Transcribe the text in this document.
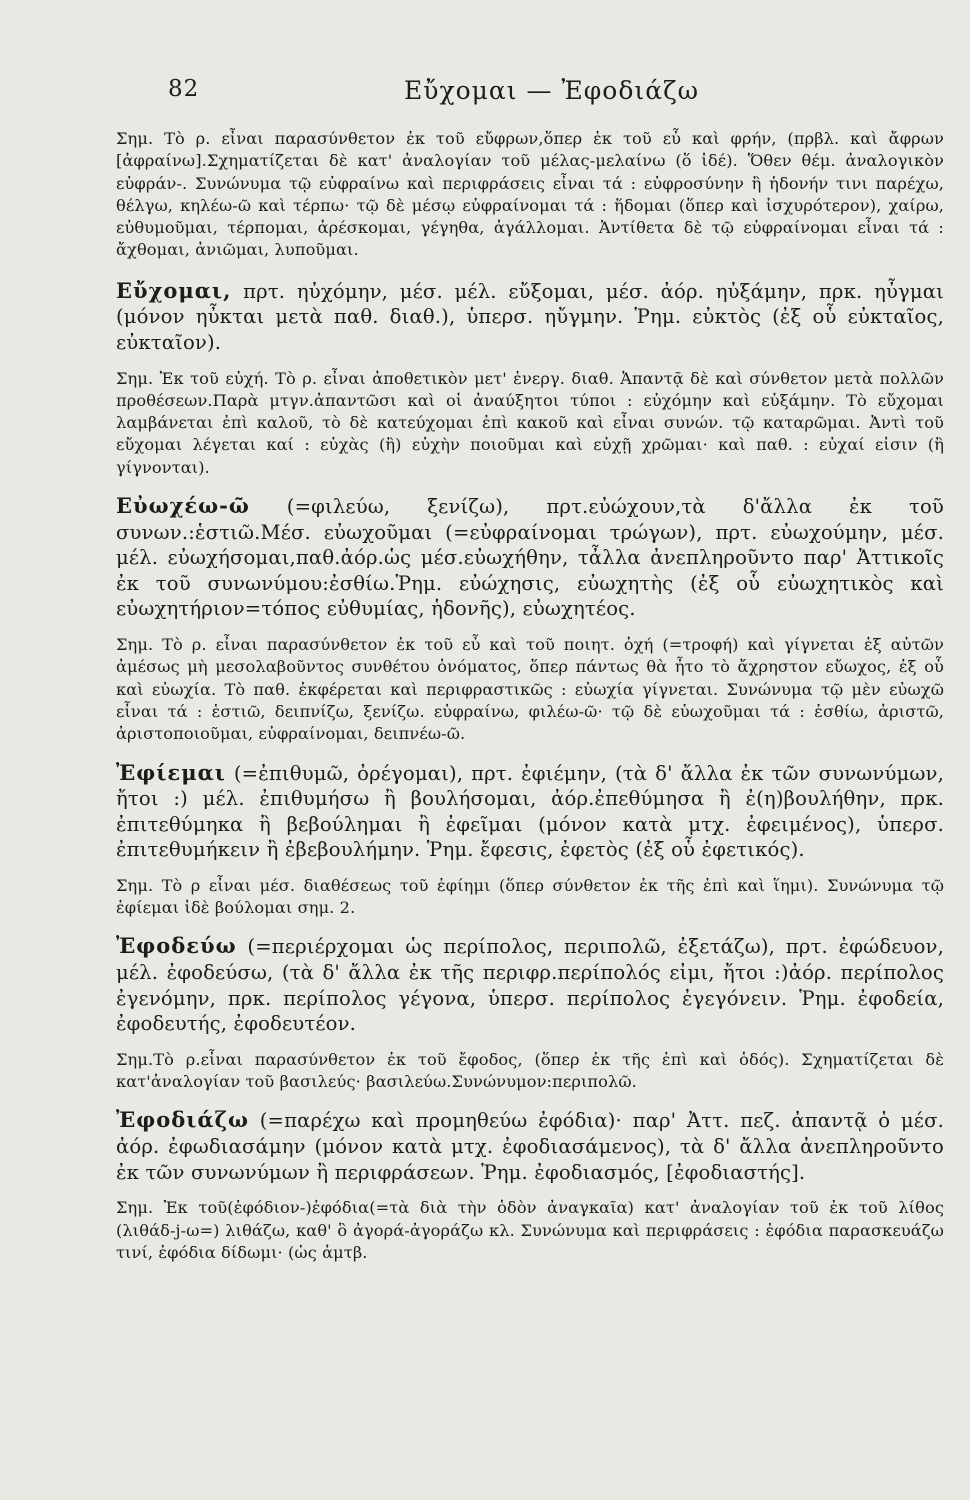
82	Εὔχομαι — Ἐφοδιάζω

Σημ. Τὸ ρ. εἶναι παρασύνθετον ἐκ τοῦ εὔφρων,ὅπερ ἐκ τοῦ εὖ καὶ φρήν, (πρβλ. καὶ ἄφρων [ἀφραίνω].Σχηματίζεται δὲ κατ' ἀναλογίαν τοῦ μέλας-μελαίνω (ὅ ἰδέ). Ὅθεν θέμ. ἀναλογικὸν εὐφράν-. Συνώνυμα τῷ εὐφραίνω καὶ περιφράσεις εἶναι τά : εὐφροσύνην ἢ ἡδονήν τινι παρέχω, θέλγω, κηλέω-ῶ καὶ τέρπω· τῷ δὲ μέσῳ εὐφραίνομαι τά : ἥδομαι (ὅπερ καὶ ἰσχυρότερον), χαίρω, εὐθυμοῦμαι, τέρπομαι, ἀρέσκομαι, γέγηθα, ἀγάλλομαι. Ἀντίθετα δὲ τῷ εὐφραίνομαι εἶναι τά : ἄχθομαι, ἀνιῶμαι, λυποῦμαι.

Εὔχομαι, πρτ. ηὐχόμην, μέσ. μέλ. εὔξομαι, μέσ. ἀόρ. ηὐξάμην, πρκ. ηὖγμαι (μόνον ηὖκται μετὰ παθ. διαθ.), ὑπερσ. ηὔγμην. Ῥημ. εὐκτὸς (ἐξ οὗ εὐκταῖος, εὐκταῖον).

Σημ. Ἐκ τοῦ εὐχή. Τὸ ρ. εἶναι ἀποθετικὸν μετ' ἐνεργ. διαθ. Ἀπαντᾷ δὲ καὶ σύνθετον μετὰ πολλῶν προθέσεων.Παρὰ μτγν.ἀπαντῶσι καὶ οἱ ἀναύξητοι τύποι : εὐχόμην καὶ εὐξάμην. Τὸ εὔχομαι λαμβάνεται ἐπὶ καλοῦ, τὸ δὲ κατεύχομαι ἐπὶ κακοῦ καὶ εἶναι συνών. τῷ καταρῶμαι. Ἀντὶ τοῦ εὔχομαι λέγεται καί : εὐχὰς (ἢ) εὐχὴν ποιοῦμαι καὶ εὐχῇ χρῶμαι· καὶ παθ. : εὐχαί εἰσιν (ἢ γίγνονται).

Εὐωχέω-ῶ (=φιλεύω, ξενίζω), πρτ.εὐώχουν,τὰ δ'ἄλλα ἐκ τοῦ συνων.:ἑστιῶ.Μέσ. εὐωχοῦμαι (=εὐφραίνομαι τρώγων), πρτ. εὐωχούμην, μέσ. μέλ. εὐωχήσομαι,παθ.ἀόρ.ὡς μέσ.εὐωχήθην, τἆλλα ἀνεπληροῦντο παρ' Ἀττικοῖς ἐκ τοῦ συνωνύμου:ἐσθίω.Ῥημ. εὐώχησις, εὐωχητὴς (ἐξ οὗ εὐωχητικὸς καὶ εὐωχητήριον=τόπος εὐθυμίας, ἡδονῆς), εὐωχητέος.

Σημ. Τὸ ρ. εἶναι παρασύνθετον ἐκ τοῦ εὖ καὶ τοῦ ποιητ. ὀχή (=τροφή) καὶ γίγνεται ἐξ αὐτῶν ἀμέσως μὴ μεσολαβοῦντος συνθέτου ὀνόματος, ὅπερ πάντως θὰ ἦτο τὸ ἄχρηστον εὔωχος, ἐξ οὗ καὶ εὐωχία. Τὸ παθ. ἐκφέρεται καὶ περιφραστικῶς : εὐωχία γίγνεται. Συνώνυμα τῷ μὲν εὐωχῶ εἶναι τά : ἑστιῶ, δειπνίζω, ξενίζω. εὐφραίνω, φιλέω-ῶ· τῷ δὲ εὐωχοῦμαι τά : ἐσθίω, ἀριστῶ, ἀριστοποιοῦμαι, εὐφραίνομαι, δειπνέω-ῶ.

Ἐφίεμαι (=ἐπιθυμῶ, ὀρέγομαι), πρτ. ἐφιέμην, (τὰ δ' ἄλλα ἐκ τῶν συνωνύμων, ἤτοι :) μέλ. ἐπιθυμήσω ἢ βουλήσομαι, ἀόρ.ἐπεθύμησα ἢ ἐ(η)βουλήθην, πρκ. ἐπιτεθύμηκα ἢ βεβούλημαι ἢ ἐφεῖμαι (μόνον κατὰ μτχ. ἐφειμένος), ὑπερσ. ἐπιτεθυμήκειν ἢ ἐβεβουλήμην. Ῥημ. ἔφεσις, ἐφετὸς (ἐξ οὗ ἐφετικός).

Σημ. Τὸ ρ εἶναι μέσ. διαθέσεως τοῦ ἐφίημι (ὅπερ σύνθετον ἐκ τῆς ἐπὶ καὶ ἵημι). Συνώνυμα τῷ ἐφίεμαι ἰδὲ βούλομαι σημ. 2.

Ἐφοδεύω (=περιέρχομαι ὡς περίπολος, περιπολῶ, ἐξετάζω), πρτ. ἐφώδευον, μέλ. ἐφοδεύσω, (τὰ δ' ἄλλα ἐκ τῆς περιφρ.περίπολός εἰμι, ἤτοι :)ἀόρ. περίπολος ἐγενόμην, πρκ. περίπολος γέγονα, ὑπερσ. περίπολος ἐγεγόνειν. Ῥημ. ἐφοδεία, ἐφοδευτής, ἐφοδευτέον.

Σημ.Τὸ ρ.εἶναι παρασύνθετον ἐκ τοῦ ἔφοδος, (ὅπερ ἐκ τῆς ἐπὶ καὶ ὁδός). Σχηματίζεται δὲ κατ'ἀναλογίαν τοῦ βασιλεύς· βασιλεύω.Συνώνυμον:περιπολῶ.

Ἐφοδιάζω (=παρέχω καὶ προμηθεύω ἐφόδια)· παρ' Ἀττ. πεζ. ἀπαντᾷ ὁ μέσ. ἀόρ. ἐφωδιασάμην (μόνον κατὰ μτχ. ἐφοδιασάμενος), τὰ δ' ἄλλα ἀνεπληροῦντο ἐκ τῶν συνωνύμων ἢ περιφράσεων. Ῥημ. ἐφοδιασμός, [ἐφοδιαστής].

Σημ. Ἐκ τοῦ(ἐφόδιον-)ἐφόδια(=τὰ διὰ τὴν ὁδὸν ἀναγκαῖα) κατ' ἀναλογίαν τοῦ ἐκ τοῦ λίθος (λιθάδ-j-ω=) λιθάζω, καθ' ὃ ἀγορά-ἀγοράζω κλ. Συνώνυμα καὶ περιφράσεις : ἐφόδια παρασκευάζω τινί, ἐφόδια δίδωμι· (ὡς ἀμτβ.
